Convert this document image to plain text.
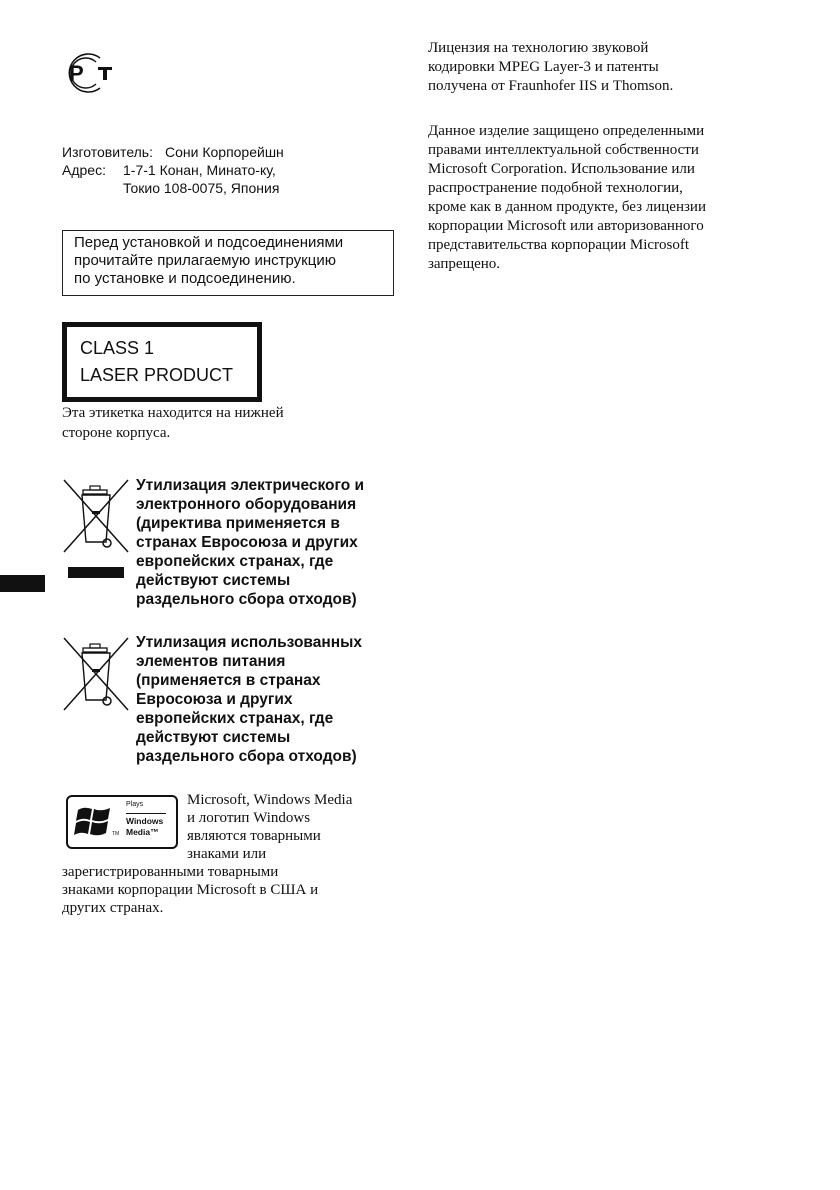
P
Изготовитель: Сони Корпорейшн
Адрес: 1-7-1 Конан, Минато-ку,
Токио 108-0075, Япония
Перед установкой и подсоединениями
прочитайте прилагаемую инструкцию
по установке и подсоединению.
CLASS 1
LASER PRODUCT
Эта этикетка находится на нижней
стороне корпуса.
Утилизация электрического и
электронного оборудования
(директива применяется в
странах Евросоюза и других
европейских странах, где
действуют системы
раздельного сбора отходов)
Утилизация использованных
элементов питания
(применяется в странах
Евросоюза и других
европейских странах, где
действуют системы
раздельного сбора отходов)
Plays
Windows
Media™
TM
Microsoft, Windows Media
и логотип Windows
являются товарными
знаками или
зарегистрированными товарными
знаками корпорации Microsoft в США и
других странах.
Лицензия на технологию звуковой
кодировки MPEG Layer-3 и патенты
получена от Fraunhofer IIS и Thomson.
Данное изделие защищено определенными
правами интеллектуальной собственности
Microsoft Corporation. Использование или
распространение подобной технологии,
кроме как в данном продукте, без лицензии
корпорации Microsoft или авторизованного
представительства корпорации Microsoft
запрещено.
